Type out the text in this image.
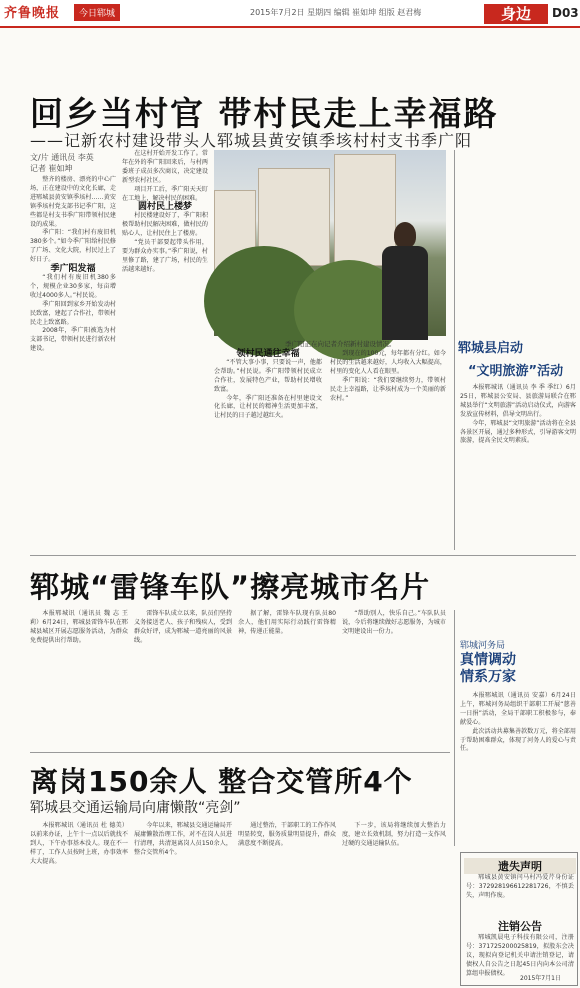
齐鲁晚报	今日郓城	2015年7月2日 星期四 编辑 崔如坤 组版 赵君梅	身边	D03
回乡当村官 带村民走上幸福路
——记新农村建设带头人郓城县黄安镇季垓村村支书季广阳
文/片 通讯员 李英
记者 崔如坤

整齐的楼房、漂亮的中心广场，正在建设中的文化长廊，走进郓城县黄安镇季垓村……黄安镇季垓村党支部书记季广阳，这些都是村支书季广阳带领村民建设的成果。

季广阳：“我们村有废旧机380多个。”如今季广阳给村民修了广场、文化大院，村民过上了好日子。

季广阳发福

“我们村有废旧机380多个，规模企业30多家，每亩增收过4000多人。”村民说。

季广阳回到家乡开始发动村民致富，建起了合作社，带领村民走上致富路。

2008年，季广阳被选为村支部书记，带领村民进行新农村建设。

在这村开始开发工作了。常年在外的季广阳回来后，与村两委班子成员多次商议，决定建设新型农村社区。

项目开工后，季广阳天天盯在工地上，解决村民的困难。

圆村民上楼梦

村民楼建设好了，季广阳积极帮助村民解决困难，做村民的贴心人，让村民住上了楼房。

“党员干部要起带头作用，要为群众办实事。”季广阳说，村里修了路，建了广场，村民的生活越来越好。

季广阳正在向记者介绍新村建设情况。

领村民通往幸福

“不管大事小事，只要说一声，他都会帮助。”村民说。季广阳带领村民成立合作社，发展特色产业，帮助村民增收致富。

今年，季广阳还准备在村里建设文化长廊，让村民的精神生活更加丰富，让村民的日子越过越红火。

到现在的100元，每年都有分红。如今村民的生活越来越好，人均收入大幅提高，村里的变化人人看在眼里。

季广阳说：“我们要继续努力，带领村民走上幸福路，让季垓村成为一个美丽的新农村。”

郓城县启动
“文明旅游”活动

本报郓城讯（通讯员 李 季 季红）6月25日，郓城县公安局、县旅游局联合在郓城县举行“文明旅游”活动启动仪式，向游客发放宣传材料，倡导文明出行。

今年，郓城县“文明旅游”活动将在全县各景区开展，通过多种形式，引导游客文明旅游，提高全民文明素质。

郓城“雷锋车队”擦亮城市名片

本报郓城讯（通讯员 魏 志 王莉）6月24日，郓城县雷锋车队在郓城县城区开展志愿服务活动，为群众免费提供出行帮助。

雷锋车队成立以来，队员们坚持义务接送老人、孩子和残疾人，受到群众好评，成为郓城一道亮丽的风景线。

据了解，雷锋车队现有队员80余人，他们用实际行动践行雷锋精神，传递正能量。

“帮助别人，快乐自己。”车队队员说，今后将继续做好志愿服务，为城市文明建设出一份力。

郓城河务局
真情调动
情系万家

本报郓城讯（通讯员 安嘉）6月24日上午，郓城河务局组织干部职工开展“慈善一日捐”活动，全局干部职工积极参与，奉献爱心。

此次活动共募集善款数万元，将全部用于帮助困难群众，体现了河务人的爱心与责任。

离岗150余人 整合交管所4个
郓城县交通运输局向庸懒散“亮剑”

本报郓城讯（通讯员 杜 德美）以前来办证，上午十一点以后就找不到人，下午办事基本没人。现在不一样了，工作人员按时上班，办事效率大大提高。

今年以来，郓城县交通运输局开展庸懒散治理工作，对不在岗人员进行清理，共清退离岗人员150余人，整合交管所4个。

通过整治，干部职工的工作作风明显转变，服务质量明显提升，群众满意度不断提高。

下一步，该局将继续加大整治力度，建立长效机制，努力打造一支作风过硬的交通运输队伍。

遗失声明

郓城县黄安镇闫马村冯爱芹身份证号：372928196612281726，不慎丢失，声明作废。

注销公告

郓城凯晨电子科技有限公司，注册号：371725200025819，拟股东会决议，现拟向登记机关申请注销登记，请债权人自公告之日起45日内向本公司清算组申报债权。

2015年7月1日
